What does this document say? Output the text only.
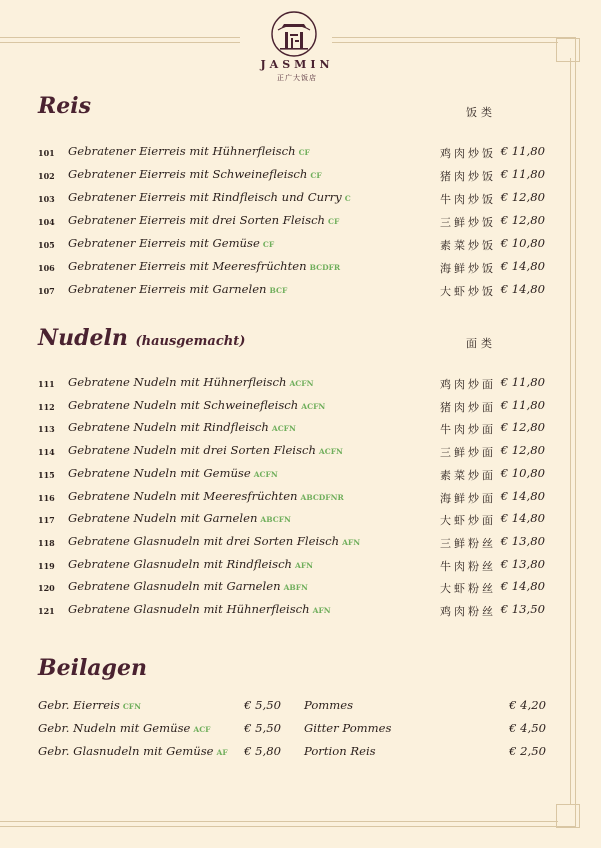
JASMIN
正广大饭店
Reis	饭类
101 Gebratener Eierreis mit Hühnerfleisch CF	鸡肉炒饭 € 11,80
102 Gebratener Eierreis mit Schweinefleisch CF	猪肉炒饭 € 11,80
103 Gebratener Eierreis mit Rindfleisch und Curry C	牛肉炒饭 € 12,80
104 Gebratener Eierreis mit drei Sorten Fleisch CF	三鲜炒饭 € 12,80
105 Gebratener Eierreis mit Gemüse CF	素菜炒饭 € 10,80
106 Gebratener Eierreis mit Meeresfrüchten BCDFR	海鲜炒饭 € 14,80
107 Gebratener Eierreis mit Garnelen BCF	大虾炒饭 € 14,80
Nudeln (hausgemacht)	面类
111 Gebratene Nudeln mit Hühnerfleisch ACFN	鸡肉炒面 € 11,80
112 Gebratene Nudeln mit Schweinefleisch ACFN	猪肉炒面 € 11,80
113 Gebratene Nudeln mit Rindfleisch ACFN	牛肉炒面 € 12,80
114 Gebratene Nudeln mit drei Sorten Fleisch ACFN	三鲜炒面 € 12,80
115 Gebratene Nudeln mit Gemüse ACFN	素菜炒面 € 10,80
116 Gebratene Nudeln mit Meeresfrüchten ABCDFNR	海鲜炒面 € 14,80
117 Gebratene Nudeln mit Garnelen ABCFN	大虾炒面 € 14,80
118 Gebratene Glasnudeln mit drei Sorten Fleisch AFN	三鲜粉丝 € 13,80
119 Gebratene Glasnudeln mit Rindfleisch AFN	牛肉粉丝 € 13,80
120 Gebratene Glasnudeln mit Garnelen ABFN	大虾粉丝 € 14,80
121 Gebratene Glasnudeln mit Hühnerfleisch AFN	鸡肉粉丝 € 13,50
Beilagen
Gebr. Eierreis CFN	€ 5,50
Gebr. Nudeln mit Gemüse ACF	€ 5,50
Gebr. Glasnudeln mit Gemüse AF € 5,80
Pommes	€ 4,20
Gitter Pommes	€ 4,50
Portion Reis	€ 2,50
